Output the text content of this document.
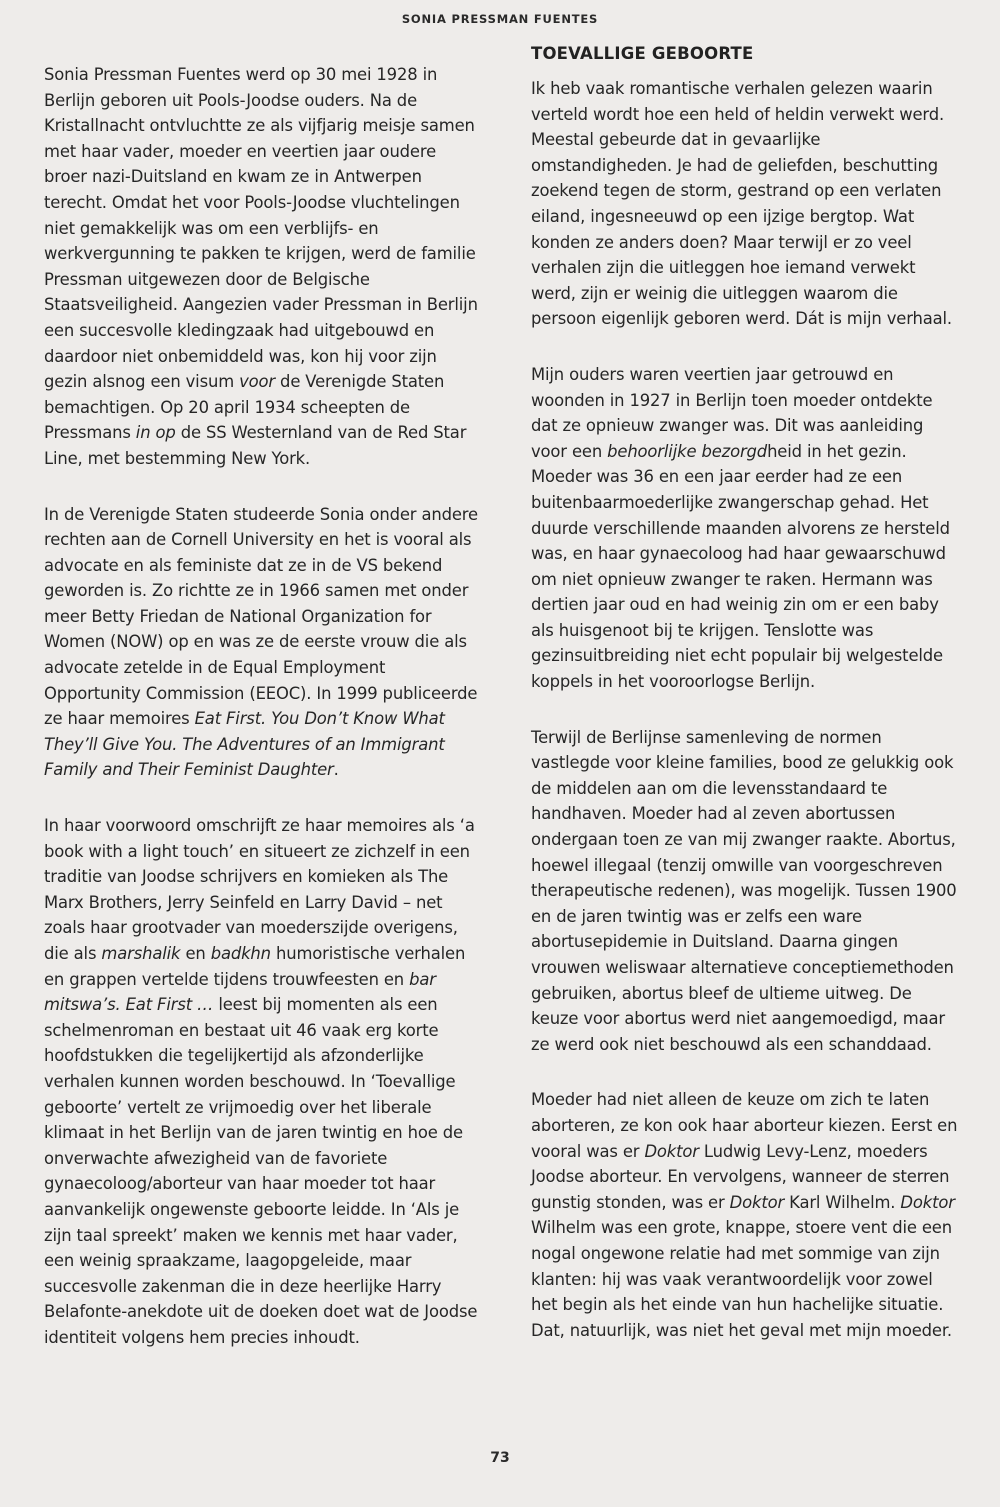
SONIA PRESSMAN FUENTES

Sonia Pressman Fuentes werd op 30 mei 1928 in Berlijn geboren uit Pools-Joodse ouders. Na de Kristallnacht ontvluchtte ze als vijfjarig meisje samen met haar vader, moeder en veertien jaar oudere broer nazi-Duitsland en kwam ze in Antwerpen terecht. Omdat het voor Pools-Joodse vluchtelingen niet gemakkelijk was om een verblijfs- en werkvergunning te pakken te krijgen, werd de familie Pressman uitgewezen door de Belgische Staatsveiligheid. Aangezien vader Pressman in Berlijn een succesvolle kledingzaak had uitgebouwd en daardoor niet onbemiddeld was, kon hij voor zijn gezin alsnog een visum voor de Verenigde Staten bemachtigen. Op 20 april 1934 scheepten de Pressmans in op de SS Westernland van de Red Star Line, met bestemming New York.

In de Verenigde Staten studeerde Sonia onder andere rechten aan de Cornell University en het is vooral als advocate en als feministe dat ze in de VS bekend geworden is. Zo richtte ze in 1966 samen met onder meer Betty Friedan de National Organization for Women (NOW) op en was ze de eerste vrouw die als advocate zetelde in de Equal Employment Opportunity Commission (EEOC). In 1999 publiceerde ze haar memoires Eat First. You Don’t Know What They’ll Give You. The Adventures of an Immigrant Family and Their Feminist Daughter.

In haar voorwoord omschrijft ze haar memoires als ‘a book with a light touch’ en situeert ze zichzelf in een traditie van Joodse schrijvers en komieken als The Marx Brothers, Jerry Seinfeld en Larry David – net zoals haar grootvader van moederszijde overigens, die als marshalik en badkhn humoristische verhalen en grappen vertelde tijdens trouwfeesten en bar mitswa’s. Eat First … leest bij momenten als een schelmenroman en bestaat uit 46 vaak erg korte hoofdstukken die tegelijkertijd als afzonderlijke verhalen kunnen worden beschouwd. In ‘Toevallige geboorte’ vertelt ze vrijmoedig over het liberale klimaat in het Berlijn van de jaren twintig en hoe de onverwachte afwezigheid van de favoriete gynaecoloog/aborteur van haar moeder tot haar aanvankelijk ongewenste geboorte leidde. In ‘Als je zijn taal spreekt’ maken we kennis met haar vader, een weinig spraakzame, laagopgeleide, maar succesvolle zakenman die in deze heerlijke Harry Belafonte-anekdote uit de doeken doet wat de Joodse identiteit volgens hem precies inhoudt.

TOEVALLIGE GEBOORTE

Ik heb vaak romantische verhalen gelezen waarin verteld wordt hoe een held of heldin verwekt werd. Meestal gebeurde dat in gevaarlijke omstandigheden. Je had de geliefden, beschutting zoekend tegen de storm, gestrand op een verlaten eiland, ingesneeuwd op een ijzige bergtop. Wat konden ze anders doen? Maar terwijl er zo veel verhalen zijn die uitleggen hoe iemand verwekt werd, zijn er weinig die uitleggen waarom die persoon eigenlijk geboren werd. Dát is mijn verhaal.

Mijn ouders waren veertien jaar getrouwd en woonden in 1927 in Berlijn toen moeder ontdekte dat ze opnieuw zwanger was. Dit was aanleiding voor een behoorlijke bezorgdheid in het gezin. Moeder was 36 en een jaar eerder had ze een buitenbaarmoederlijke zwangerschap gehad. Het duurde verschillende maanden alvorens ze hersteld was, en haar gynaecoloog had haar gewaarschuwd om niet opnieuw zwanger te raken. Hermann was dertien jaar oud en had weinig zin om er een baby als huisgenoot bij te krijgen. Tenslotte was gezinsuitbreiding niet echt populair bij welgestelde koppels in het vooroorlogse Berlijn.

Terwijl de Berlijnse samenleving de normen vastlegde voor kleine families, bood ze gelukkig ook de middelen aan om die levensstandaard te handhaven. Moeder had al zeven abortussen ondergaan toen ze van mij zwanger raakte. Abortus, hoewel illegaal (tenzij omwille van voorgeschreven therapeutische redenen), was mogelijk. Tussen 1900 en de jaren twintig was er zelfs een ware abortusepidemie in Duitsland. Daarna gingen vrouwen weliswaar alternatieve conceptiemethoden gebruiken, abortus bleef de ultieme uitweg. De keuze voor abortus werd niet aangemoedigd, maar ze werd ook niet beschouwd als een schanddaad.

Moeder had niet alleen de keuze om zich te laten aborteren, ze kon ook haar aborteur kiezen. Eerst en vooral was er Doktor Ludwig Levy-Lenz, moeders Joodse aborteur. En vervolgens, wanneer de sterren gunstig stonden, was er Doktor Karl Wilhelm. Doktor Wilhelm was een grote, knappe, stoere vent die een nogal ongewone relatie had met sommige van zijn klanten: hij was vaak verantwoordelijk voor zowel het begin als het einde van hun hachelijke situatie. Dat, natuurlijk, was niet het geval met mijn moeder.

73
